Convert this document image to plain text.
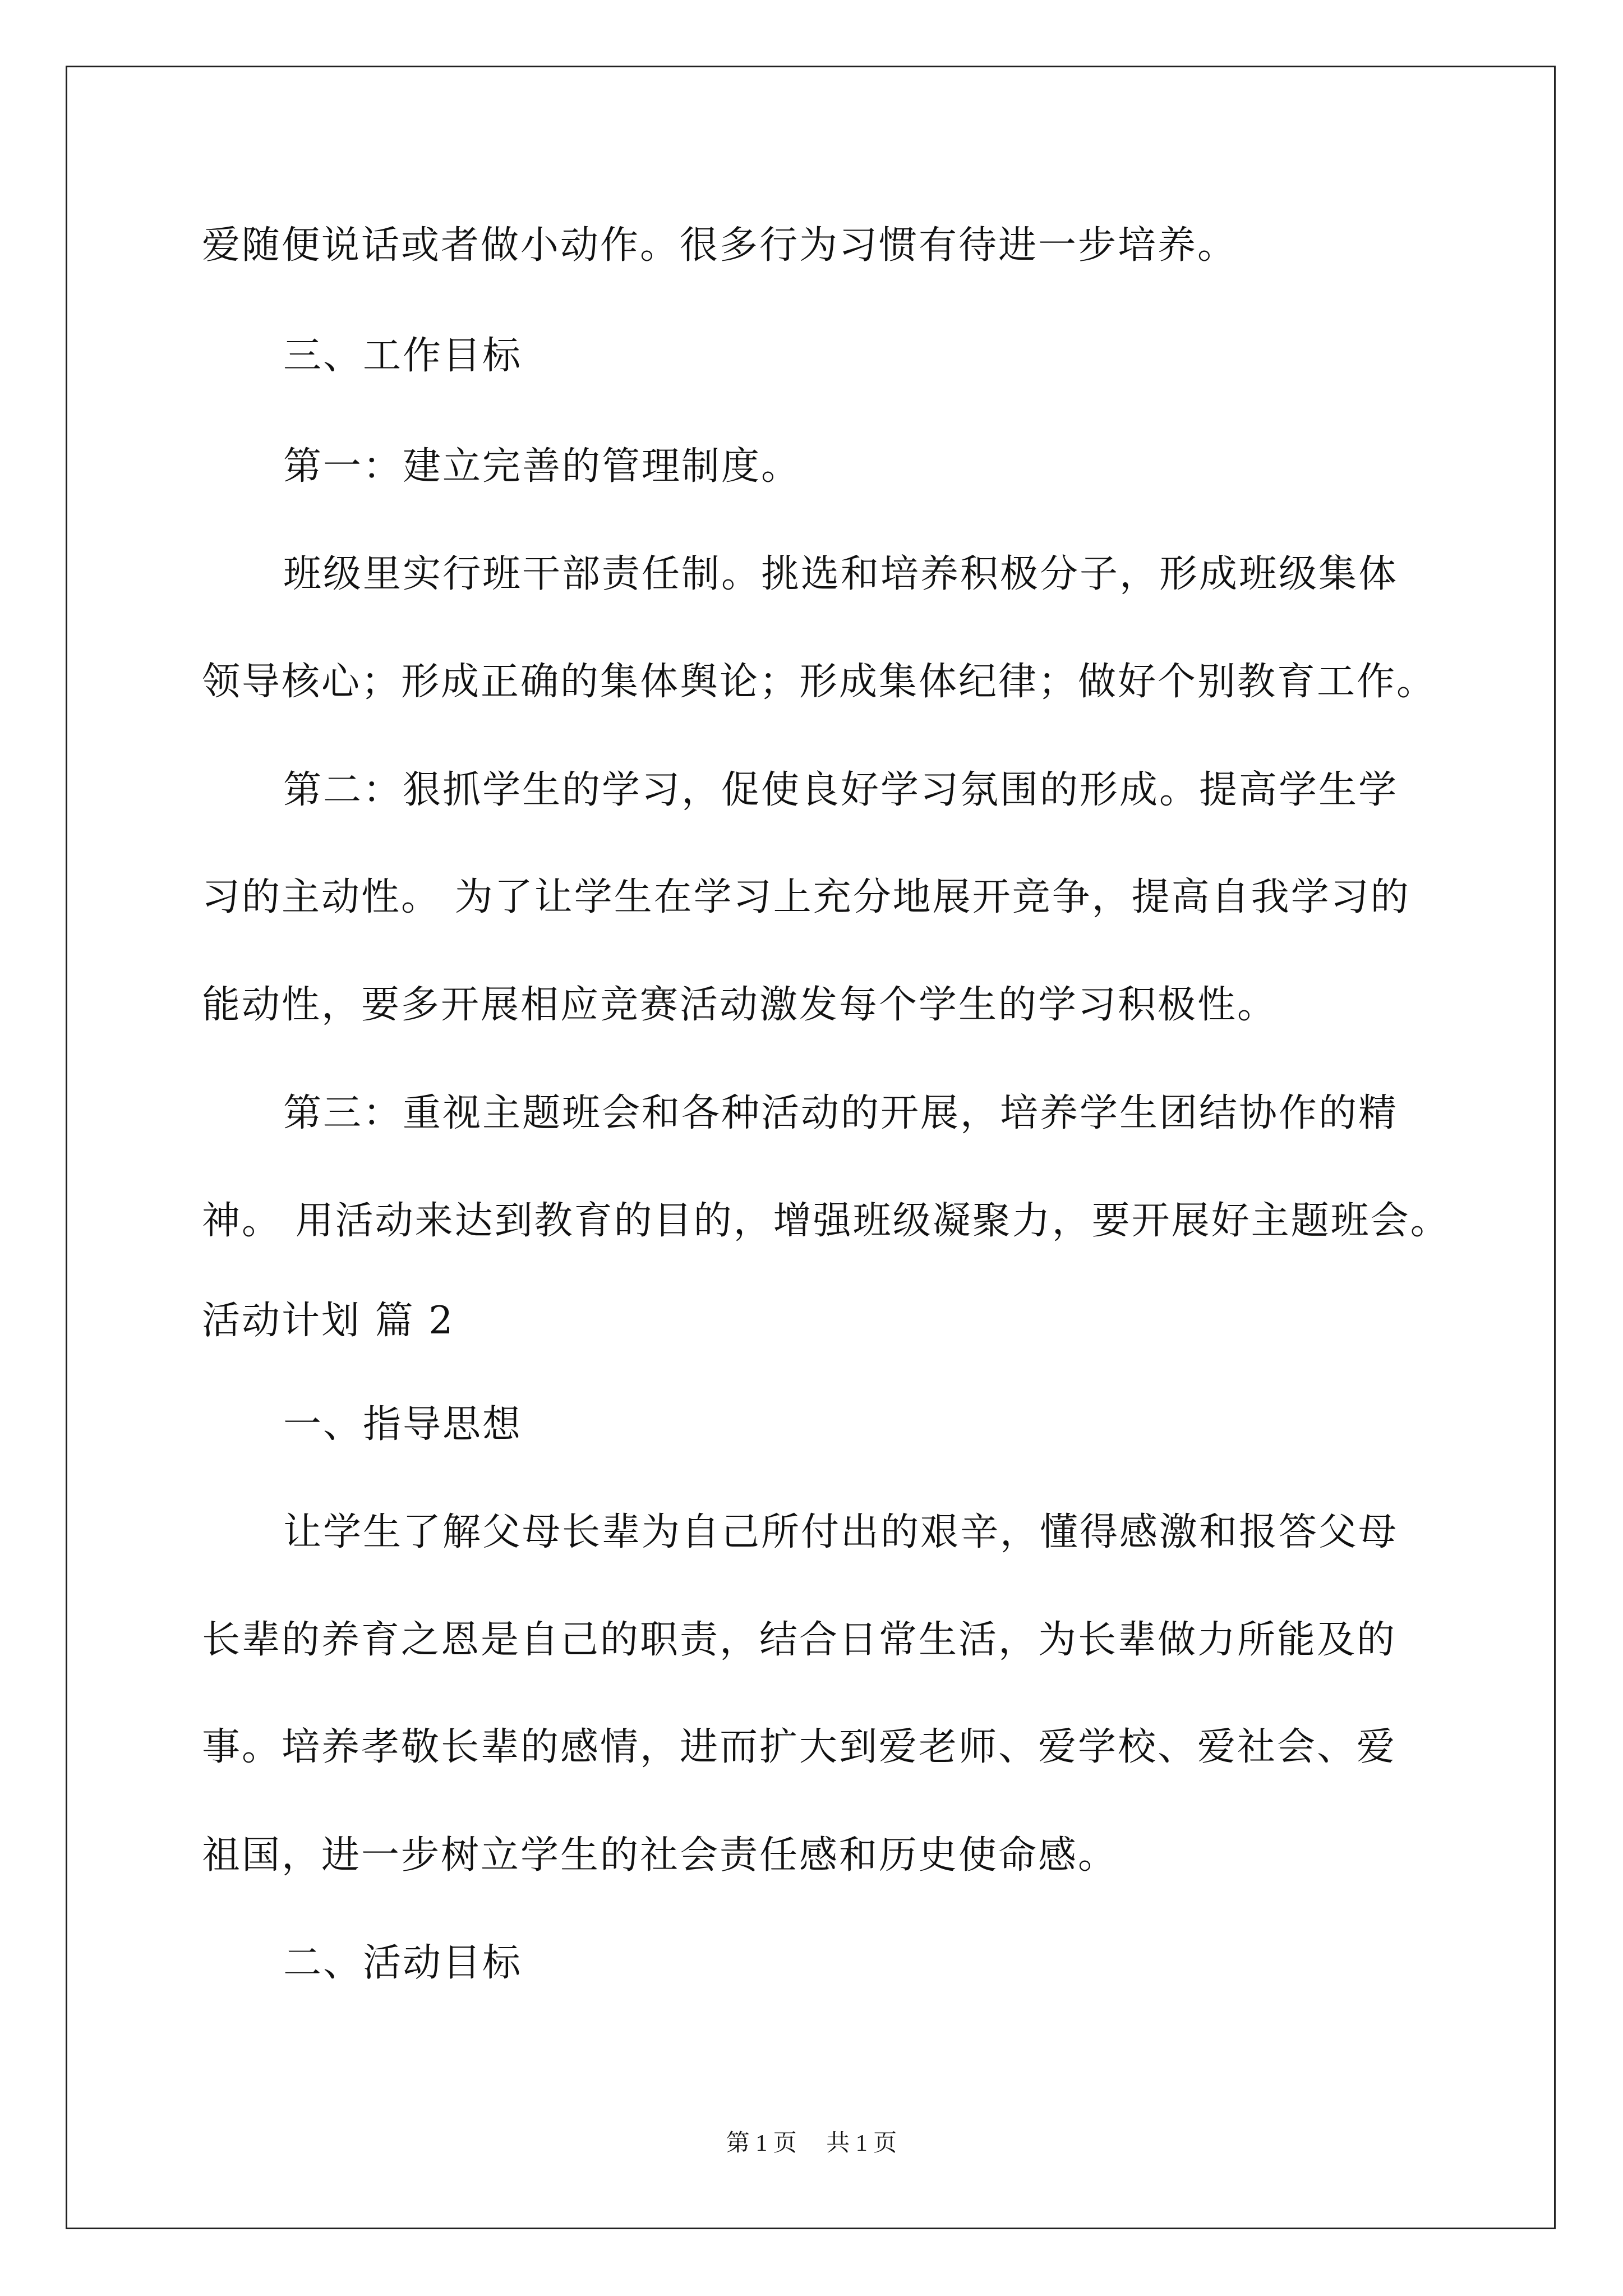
爱随便说话或者做小动作。很多行为习惯有待进一步培养。
三、工作目标
第一：建立完善的管理制度。
班级里实行班干部责任制。挑选和培养积极分子，形成班级集体
领导核心；形成正确的集体舆论；形成集体纪律；做好个别教育工作。
第二：狠抓学生的学习，促使良好学习氛围的形成。提高学生学
习的主动性。 为了让学生在学习上充分地展开竞争，提高自我学习的
能动性，要多开展相应竞赛活动激发每个学生的学习积极性。
第三：重视主题班会和各种活动的开展，培养学生团结协作的精
神。 用活动来达到教育的目的，增强班级凝聚力，要开展好主题班会。
活动计划 篇 2
一、指导思想
让学生了解父母长辈为自己所付出的艰辛，懂得感激和报答父母
长辈的养育之恩是自己的职责，结合日常生活，为长辈做力所能及的
事。培养孝敬长辈的感情，进而扩大到爱老师、爱学校、爱社会、爱
祖国，进一步树立学生的社会责任感和历史使命感。
二、活动目标
第 1 页　 共 1 页
